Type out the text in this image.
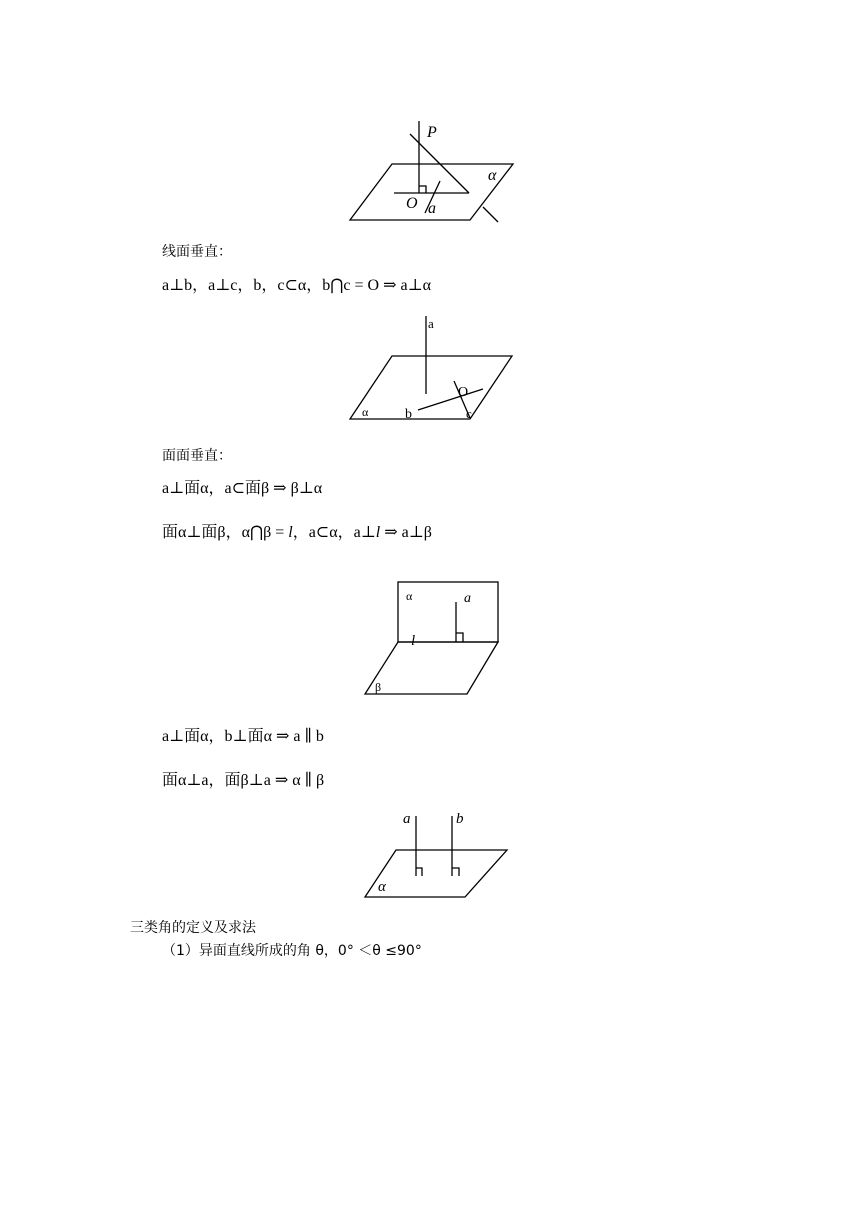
P
α
O a
线面垂直：
a⊥b，a⊥c，b，c⊂α，b⋂c = O ⇒ a⊥α
a
O
α	b	c
面面垂直：
a⊥面α，a⊂面β ⇒ β⊥α
面α⊥面β，α⋂β = l，a⊂α，a⊥l ⇒ a⊥β
α	a
l
β
a⊥面α，b⊥面α ⇒ a ∥ b
面α⊥a，面β⊥a ⇒ α ∥ β
a	b
α
三类角的定义及求法
（1）异面直线所成的角 θ，0° ＜θ ≤90°
